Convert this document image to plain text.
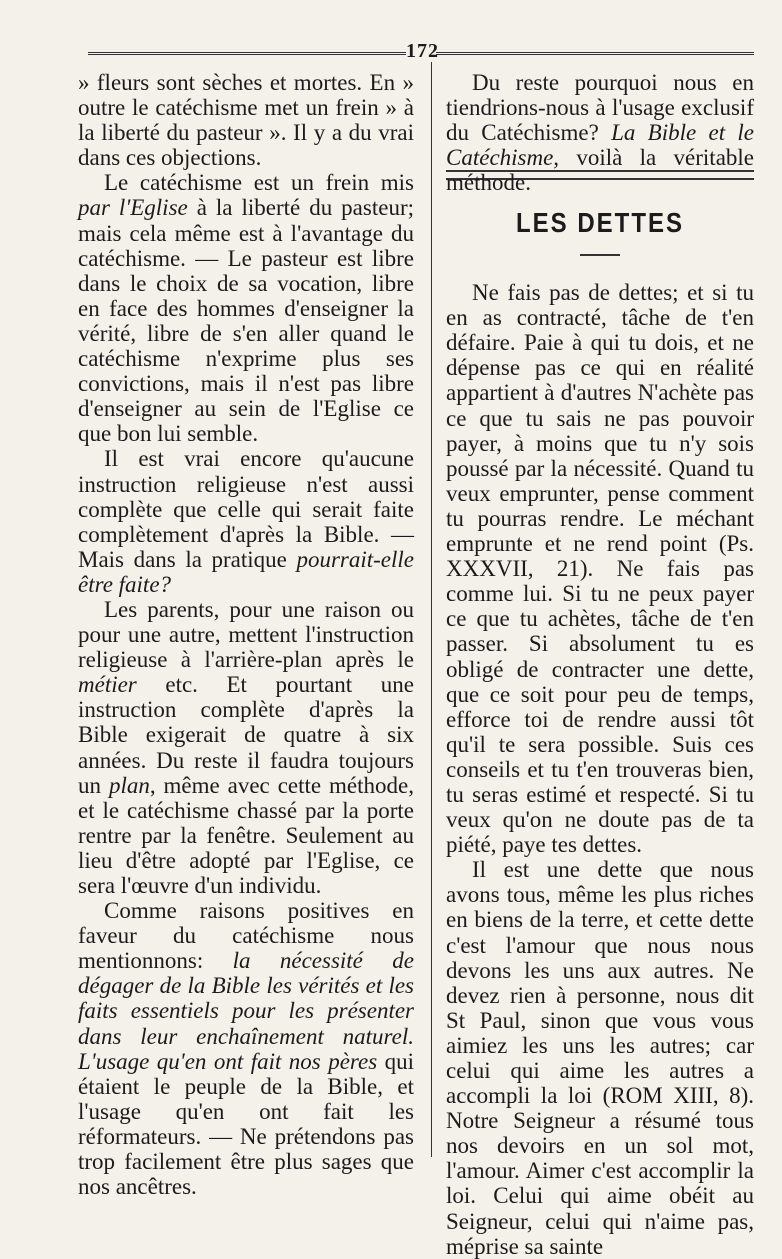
172

» fleurs sont sèches et mortes. En » outre le catéchisme met un frein » à la liberté du pasteur ». Il y a du vrai dans ces objections.

Le catéchisme est un frein mis par l'Eglise à la liberté du pasteur; mais cela même est à l'avantage du catéchisme. — Le pasteur est libre dans le choix de sa vocation, libre en face des hommes d'enseigner la vérité, libre de s'en aller quand le catéchisme n'exprime plus ses convictions, mais il n'est pas libre d'enseigner au sein de l'Eglise ce que bon lui semble.

Il est vrai encore qu'aucune instruction religieuse n'est aussi complète que celle qui serait faite complètement d'après la Bible. — Mais dans la pratique pourrait-elle être faite?

Les parents, pour une raison ou pour une autre, mettent l'instruction religieuse à l'arrière-plan après le métier etc. Et pourtant une instruction complète d'après la Bible exigerait de quatre à six années. Du reste il faudra toujours un plan, même avec cette méthode, et le catéchisme chassé par la porte rentre par la fenêtre. Seulement au lieu d'être adopté par l'Eglise, ce sera l'œuvre d'un individu.

Comme raisons positives en faveur du catéchisme nous mentionnons: la nécessité de dégager de la Bible les vérités et les faits essentiels pour les présenter dans leur enchaînement naturel. L'usage qu'en ont fait nos pères qui étaient le peuple de la Bible, et l'usage qu'en ont fait les réformateurs. — Ne prétendons pas trop facilement être plus sages que nos ancêtres.

Du reste pourquoi nous en tiendrions-nous à l'usage exclusif du Catéchisme? La Bible et le Catéchisme, voilà la véritable méthode.

LES DETTES

Ne fais pas de dettes; et si tu en as contracté, tâche de t'en défaire. Paie à qui tu dois, et ne dépense pas ce qui en réalité appartient à d'autres N'achète pas ce que tu sais ne pas pouvoir payer, à moins que tu n'y sois poussé par la nécessité. Quand tu veux emprunter, pense comment tu pourras rendre. Le méchant emprunte et ne rend point (Ps. XXXVII, 21). Ne fais pas comme lui. Si tu ne peux payer ce que tu achètes, tâche de t'en passer. Si absolument tu es obligé de contracter une dette, que ce soit pour peu de temps, efforce toi de rendre aussi tôt qu'il te sera possible. Suis ces conseils et tu t'en trouveras bien, tu seras estimé et respecté. Si tu veux qu'on ne doute pas de ta piété, paye tes dettes.

Il est une dette que nous avons tous, même les plus riches en biens de la terre, et cette dette c'est l'amour que nous nous devons les uns aux autres. Ne devez rien à personne, nous dit St Paul, sinon que vous vous aimiez les uns les autres; car celui qui aime les autres a accompli la loi (ROM XIII, 8). Notre Seigneur a résumé tous nos devoirs en un sol mot, l'amour. Aimer c'est accomplir la loi. Celui qui aime obéit au Seigneur, celui qui n'aime pas, méprise sa sainte
